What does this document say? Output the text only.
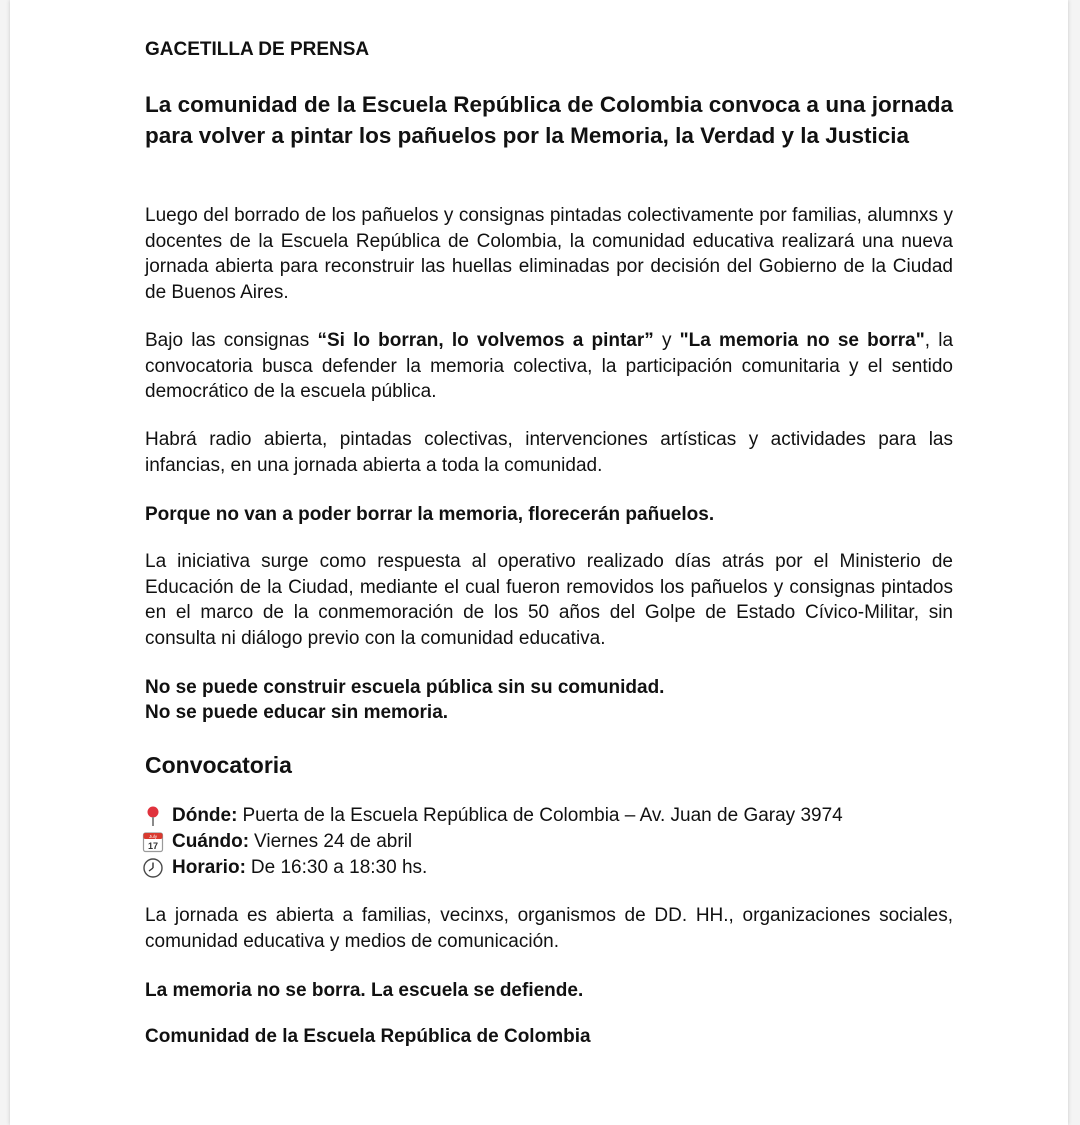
GACETILLA DE PRENSA

La comunidad de la Escuela República de Colombia convoca a una jornada para volver a pintar los pañuelos por la Memoria, la Verdad y la Justicia

Luego del borrado de los pañuelos y consignas pintadas colectivamente por familias, alumnxs y docentes de la Escuela República de Colombia, la comunidad educativa realizará una nueva jornada abierta para reconstruir las huellas eliminadas por decisión del Gobierno de la Ciudad de Buenos Aires.

Bajo las consignas “Si lo borran, lo volvemos a pintar” y "La memoria no se borra", la convocatoria busca defender la memoria colectiva, la participación comunitaria y el sentido democrático de la escuela pública.

Habrá radio abierta, pintadas colectivas, intervenciones artísticas y actividades para las infancias, en una jornada abierta a toda la comunidad.

Porque no van a poder borrar la memoria, florecerán pañuelos.

La iniciativa surge como respuesta al operativo realizado días atrás por el Ministerio de Educación de la Ciudad, mediante el cual fueron removidos los pañuelos y consignas pintados en el marco de la conmemoración de los 50 años del Golpe de Estado Cívico-Militar, sin consulta ni diálogo previo con la comunidad educativa.

No se puede construir escuela pública sin su comunidad.

No se puede educar sin memoria.

Convocatoria
Dónde: Puerta de la Escuela República de Colombia – Av. Juan de Garay 3974
July
17 Cuándo: Viernes 24 de abril
Horario: De 16:30 a 18:30 hs.

La jornada es abierta a familias, vecinxs, organismos de DD. HH., organizaciones sociales, comunidad educativa y medios de comunicación.

La memoria no se borra. La escuela se defiende.

Comunidad de la Escuela República de Colombia
